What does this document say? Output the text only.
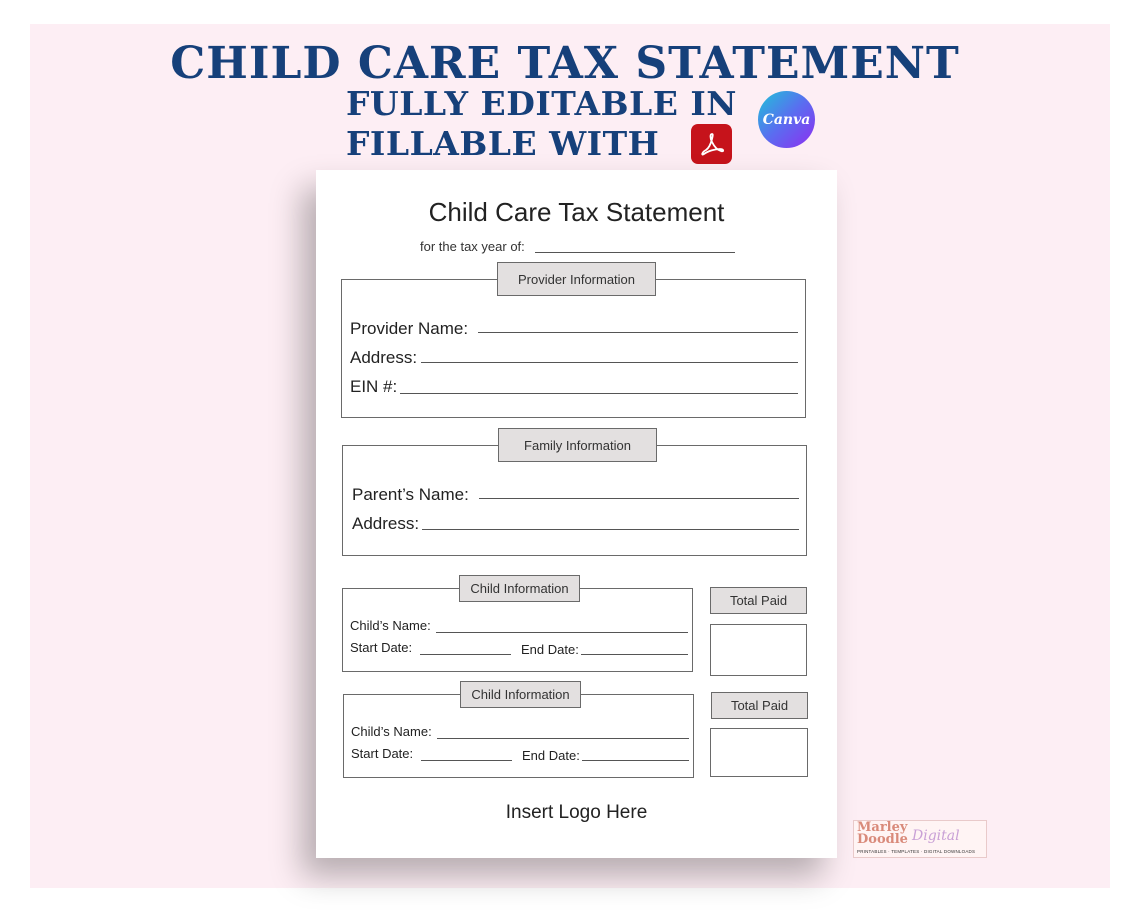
CHILD CARE TAX STATEMENT
FULLY EDITABLE IN
FILLABLE WITH
Canva
Child Care Tax Statement
for the tax year of:
Provider Information
Provider Name:
Address:
EIN #:
Family Information
Parent’s Name:
Address:
Child Information
Child’s Name:
Start Date:	End Date:
Total Paid
Child Information
Child’s Name:
Start Date:	End Date:
Total Paid
Insert Logo Here
Marley Doodle Digital
PRINTABLES · TEMPLATES · DIGITAL DOWNLOADS
